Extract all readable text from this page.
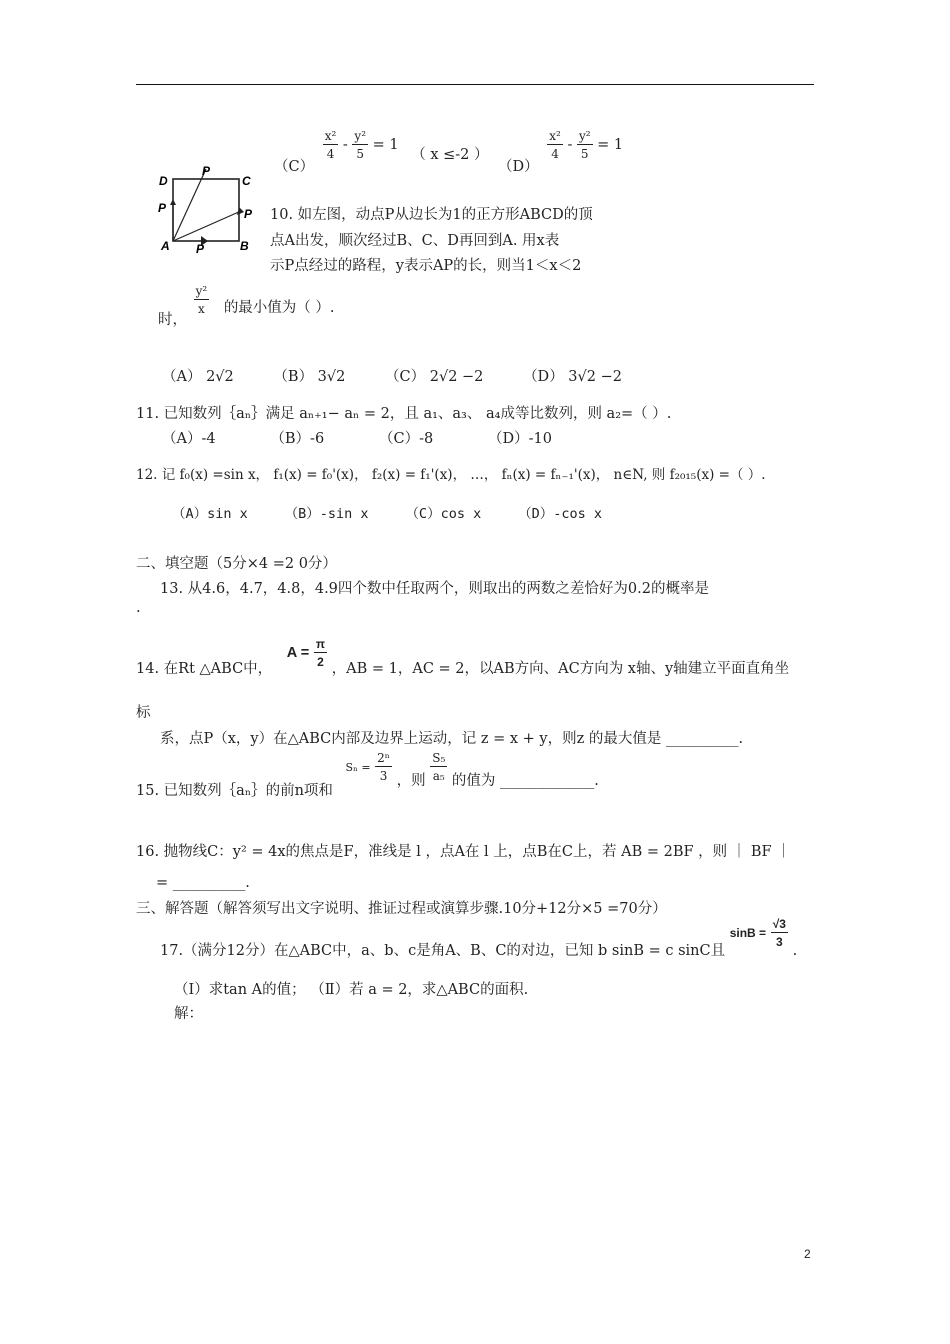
（C）
$\frac{\text{x²}}{4} - \frac{\text{y²}}{5} = 1$ （ x ≤-2 ）
（D）
$\frac{\text{x²}}{4} - \frac{\text{y²}}{5} = 1$
D
P
C
P	P
A P	B
10. 如左图，动点P从边长为1的正方形ABCD的顶
点A出发，顺次经过B、C、D再回到A. 用x表
示P点经过的路程，y表示AP的长，则当1＜x＜2
时，
$\frac{\text{y²}}{x}$ 的最小值为（ ）.
（A） 2√2	（B） 3√2	（C） 2√2 −2	（D） 3√2 −2
11. 已知数列｛aₙ｝满足 aₙ₊₁− aₙ = 2，且 a₁、a₃、 a₄成等比数列，则 a₂=（ ）.
（A）-4	（B）-6	（C）-8	（D）-10
12. 记 f₀(x) =sin x， f₁(x) = f₀'(x)， f₂(x) = f₁'(x)， …， fₙ(x) = fₙ₋₁'(x)， n∈N, 则 f₂₀₁₅(x) =（ ）.
（A）sin x	（B）-sin x	（C）cos x	（D）-cos x
二、填空题（5分×4 =2 0分）
13. 从4.6，4.7，4.8，4.9四个数中任取两个，则取出的两数之差恰好为0.2的概率是
.
14. 在Rt △ABC中， $A = \frac{\pi}{2}$
，AB = 1，AC = 2，以AB方向、AC方向为 x轴、y轴建立平面直角坐
标
系，点P（x，y）在△ABC内部及边界上运动，记 z = x + y，则z 的最大值是 __________.
15. 已知数列｛aₙ｝的前n项和 $S_n = \frac{\text{2ⁿ}}{3}$ ，则 $\frac{\text{S₅}}{\text{a₅}}$ 的值为 _____________.
16. 抛物线C：y² = 4x的焦点是F，准线是 l ，点A在 l 上，点B在C上，若 AB = 2BF ，则 ｜ BF ｜
= __________.
三、解答题（解答须写出文字说明、推证过程或演算步骤.10分+12分×5 =70分）
17.（满分12分）在△ABC中，a、b、c是角A、B、C的对边，已知 b sinB = c sinC且 $\sin B = \frac{√3}{3}$
.
（Ⅰ）求tan A的值； （Ⅱ）若 a = 2，求△ABC的面积.
解：
2
